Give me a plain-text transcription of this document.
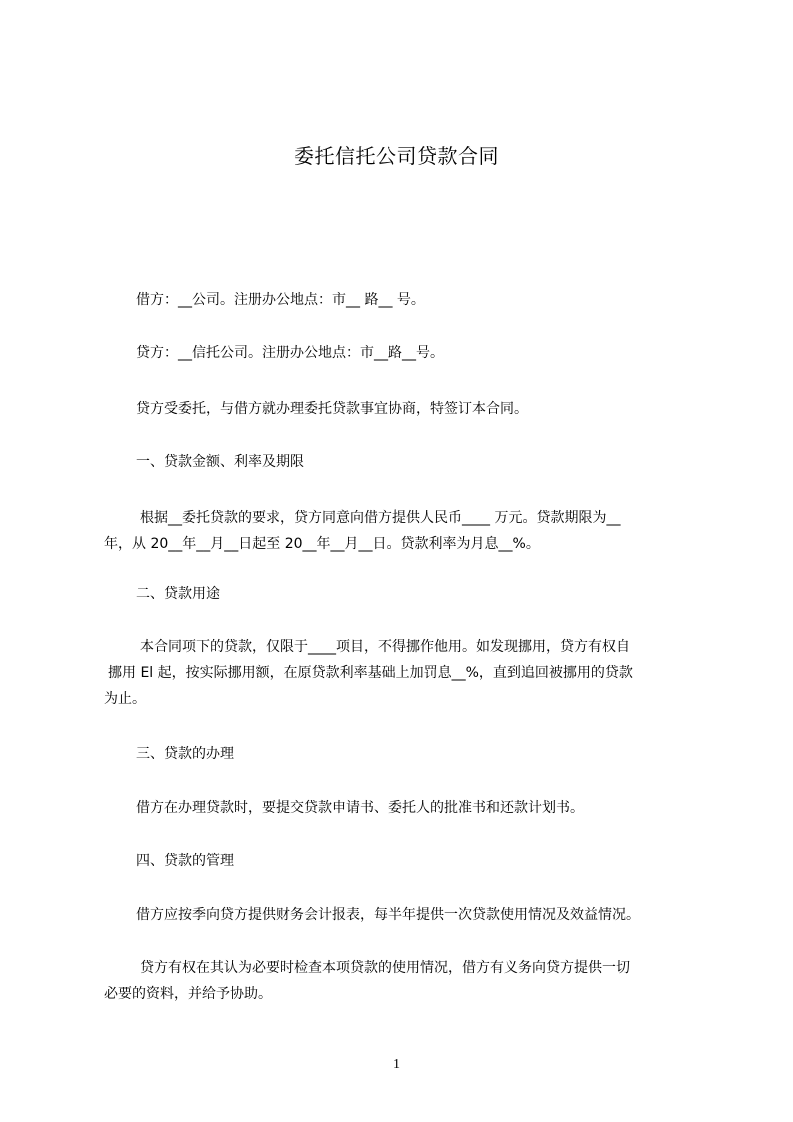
委托信托公司贷款合同
借方：__公司。注册办公地点：市__ 路__ 号。
贷方：__信托公司。注册办公地点：市__路__号。
贷方受委托，与借方就办理委托贷款事宜协商，特签订本合同。
一、贷款金额、利率及期限
根据__委托贷款的要求，贷方同意向借方提供人民币____ 万元。贷款期限为__
年，从 20__年__月__日起至 20__年__月__日。贷款利率为月息__%。
二、贷款用途
本合同项下的贷款，仅限于____项目，不得挪作他用。如发现挪用，贷方有权自
挪用 El 起，按实际挪用额，在原贷款利率基础上加罚息__%，直到追回被挪用的贷款
为止。
三、贷款的办理
借方在办理贷款时，要提交贷款申请书、委托人的批准书和还款计划书。
四、贷款的管理
借方应按季向贷方提供财务会计报表，每半年提供一次贷款使用情况及效益情况。
贷方有权在其认为必要时检查本项贷款的使用情况，借方有义务向贷方提供一切
必要的资料，并给予协助。
1
